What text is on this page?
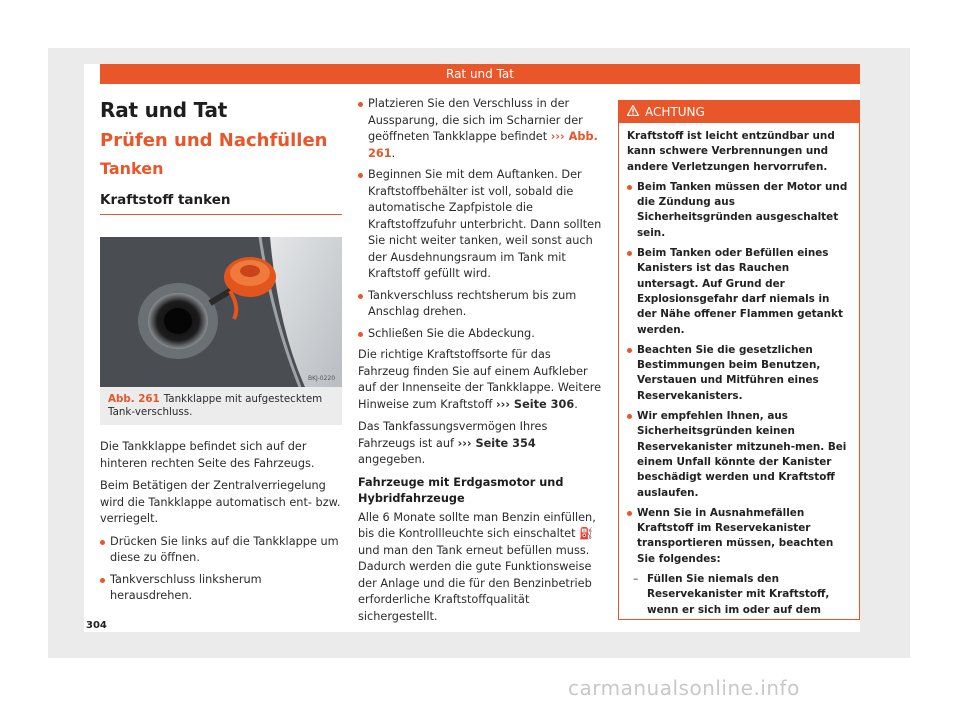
Rat und Tat
Rat und Tat
Prüfen und Nachfüllen
Tanken
Kraftstoff tanken
BKJ-0220
Abb. 261 Tankklappe mit aufgestecktem Tank-verschluss.

Die Tankklappe befindet sich auf der hinteren rechten Seite des Fahrzeugs.

Beim Betätigen der Zentralverriegelung wird die Tankklappe automatisch ent- bzw. verriegelt.

Drücken Sie links auf die Tankklappe um diese zu öffnen.
Tankverschluss linksherum herausdrehen.
Platzieren Sie den Verschluss in der Aussparung, die sich im Scharnier der geöffneten Tankklappe befindet ››› Abb. 261.
Beginnen Sie mit dem Auftanken. Der Kraftstoffbehälter ist voll, sobald die automatische Zapfpistole die Kraftstoffzufuhr unterbricht. Dann sollten Sie nicht weiter tanken, weil sonst auch der Ausdehnungsraum im Tank mit Kraftstoff gefüllt wird.
Tankverschluss rechtsherum bis zum Anschlag drehen.
Schließen Sie die Abdeckung.

Die richtige Kraftstoffsorte für das Fahrzeug finden Sie auf einem Aufkleber auf der Innenseite der Tankklappe. Weitere Hinweise zum Kraftstoff ››› Seite 306.

Das Tankfassungsvermögen Ihres Fahrzeugs ist auf ››› Seite 354 angegeben.

Fahrzeuge mit Erdgasmotor und Hybridfahrzeuge

Alle 6 Monate sollte man Benzin einfüllen, bis die Kontrollleuchte sich einschaltet ⛽ und man den Tank erneut befüllen muss. Dadurch werden die gute Funktionsweise der Anlage und die für den Benzinbetrieb erforderliche Kraftstoffqualität sichergestellt.

ACHTUNG

Kraftstoff ist leicht entzündbar und kann schwere Verbrennungen und andere Verletzungen hervorrufen.

Beim Tanken müssen der Motor und die Zündung aus Sicherheitsgründen ausgeschaltet sein.
Beim Tanken oder Befüllen eines Kanisters ist das Rauchen untersagt. Auf Grund der Explosionsgefahr darf niemals in der Nähe offener Flammen getankt werden.
Beachten Sie die gesetzlichen Bestimmungen beim Benutzen, Verstauen und Mitführen eines Reservekanisters.
Wir empfehlen Ihnen, aus Sicherheitsgründen keinen Reservekanister mitzuneh-men. Bei einem Unfall könnte der Kanister beschädigt werden und Kraftstoff auslaufen.
Wenn Sie in Ausnahmefällen Kraftstoff im Reservekanister transportieren müssen, beachten Sie folgendes:
– Füllen Sie niemals den Reservekanister mit Kraftstoff, wenn er sich im oder auf dem
304
carmanualsonline.info
